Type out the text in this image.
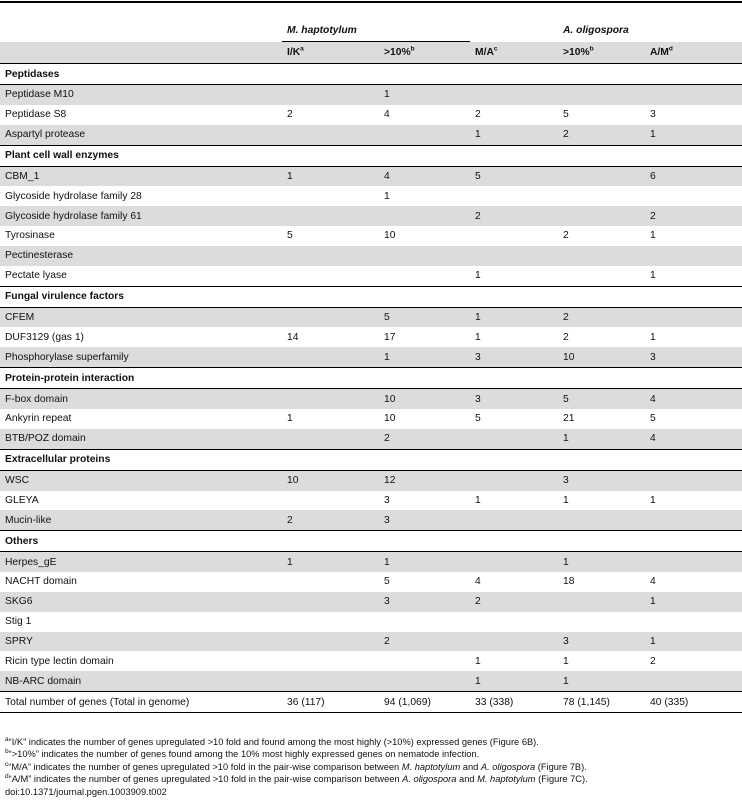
	M. haptotylum			A. oligospora	
	$I/K^a$	>10%$^b$	$M/A^c$	>10%$^b$	$A/M^d$
Peptidases					
Peptidase M10		1			
Peptidase S8	2	4	2	5	3
Aspartyl protease			1	2	1
Plant cell wall enzymes					
CBM_1	1	4	5		6
Glycoside hydrolase family 28		1			
Glycoside hydrolase family 61			2		2
Tyrosinase	5	10		2	1
Pectinesterase					
Pectate lyase			1		1
Fungal virulence factors					
CFEM		5	1	2	
DUF3129 (gas 1)	14	17	1	2	1
Phosphorylase superfamily		1	3	10	3
Protein-protein interaction					
F-box domain		10	3	5	4
Ankyrin repeat	1	10	5	21	5
BTB/POZ domain		2		1	4
Extracellular proteins					
WSC	10	12		3	
GLEYA		3	1	1	1
Mucin-like	2	3			
Others					
Herpes_gE	1	1		1	
NACHT domain		5	4	18	4
SKG6		3	2		1
Stig 1					
SPRY		2		3	1
Ricin type lectin domain			1	1	2
NB-ARC domain			1	1	
Total number of genes (Total in genome)	36 (117)	94 (1,069)	33 (338)	78 (1,145)	40 (335)
$^a$“I/K” indicates the number of genes upregulated >10 fold and found among the most highly (>10%) expressed genes (Figure 6B).
$^b$“>10%” indicates the number of genes found among the 10% most highly expressed genes on nematode infection.
$^c$“M/A” indicates the number of genes upregulated >10 fold in the pair-wise comparison between M. haptotylum and A. oligospora (Figure 7B).
$^d$“A/M” indicates the number of genes upregulated >10 fold in the pair-wise comparison between A. oligospora and M. haptotylum (Figure 7C).
doi:10.1371/journal.pgen.1003909.t002
